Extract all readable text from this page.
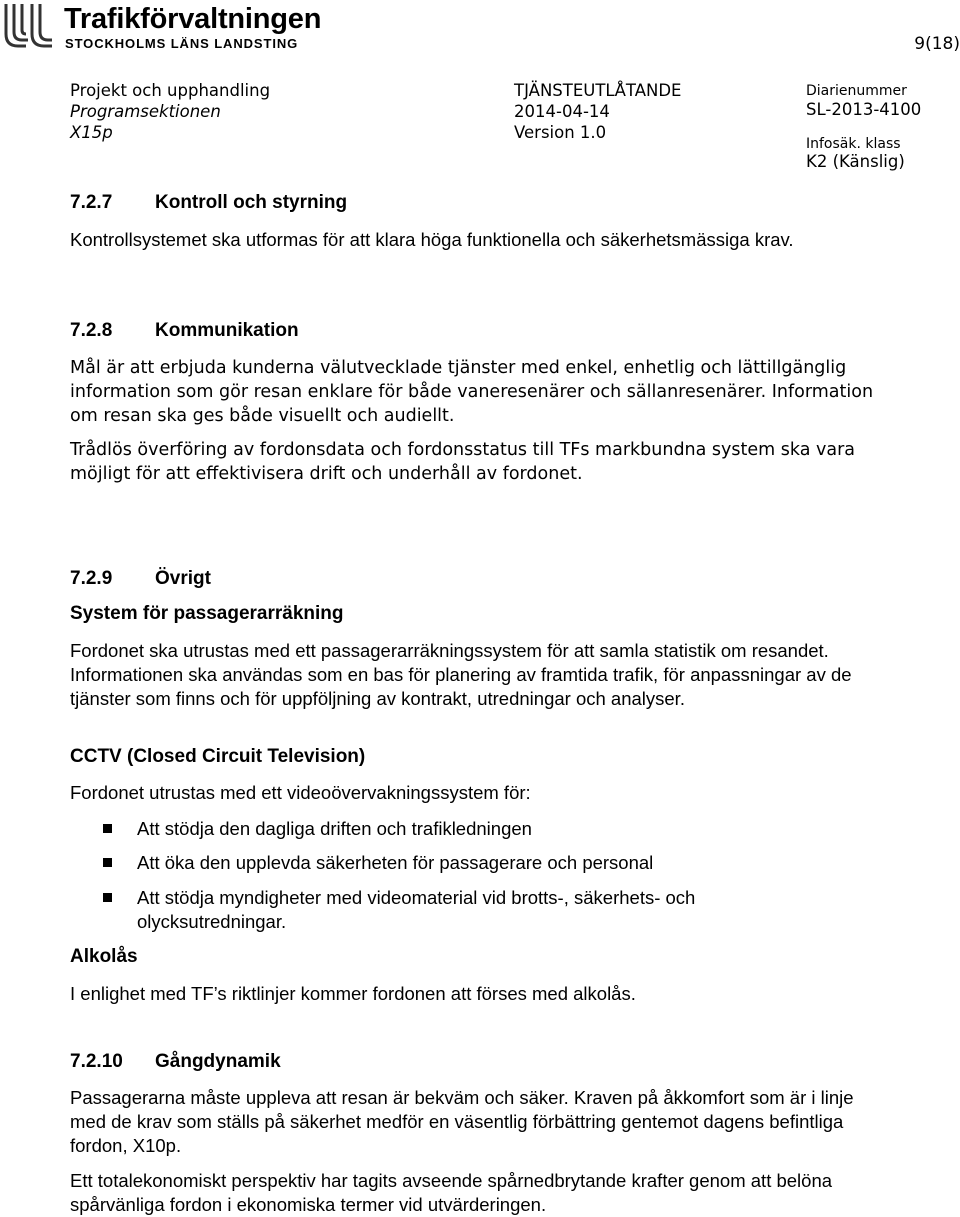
Trafikförvaltningen
STOCKHOLMS LÄNS LANDSTING	9(18)
Projekt och upphandling
Programsektionen
X15p
TJÄNSTEUTLÅTANDE
2014-04-14
Version 1.0
Diarienummer
SL-2013-4100
Infosäk. klass
K2 (Känslig)
7.2.7 Kontroll och styrning
Kontrollsystemet ska utformas för att klara höga funktionella och säkerhetsmässiga krav.
7.2.8 Kommunikation
Mål är att erbjuda kunderna välutvecklade tjänster med enkel, enhetlig och lättillgänglig information som gör resan enklare för både vaneresenärer och sällanresenärer. Information om resan ska ges både visuellt och audiellt.
Trådlös överföring av fordonsdata och fordonsstatus till TFs markbundna system ska vara möjligt för att effektivisera drift och underhåll av fordonet.
7.2.9 Övrigt
System för passagerarräkning
Fordonet ska utrustas med ett passagerarräkningssystem för att samla statistik om resandet. Informationen ska användas som en bas för planering av framtida trafik, för anpassningar av de tjänster som finns och för uppföljning av kontrakt, utredningar och analyser.
CCTV (Closed Circuit Television)
Fordonet utrustas med ett videoövervakningssystem för:
Att stödja den dagliga driften och trafikledningen
Att öka den upplevda säkerheten för passagerare och personal
Att stödja myndigheter med videomaterial vid brotts-, säkerhets- och olycksutredningar.
Alkolås
I enlighet med TF’s riktlinjer kommer fordonen att förses med alkolås.
7.2.10 Gångdynamik
Passagerarna måste uppleva att resan är bekväm och säker. Kraven på åkkomfort som är i linje med de krav som ställs på säkerhet medför en väsentlig förbättring gentemot dagens befintliga fordon, X10p.
Ett totalekonomiskt perspektiv har tagits avseende spårnedbrytande krafter genom att belöna spårvänliga fordon i ekonomiska termer vid utvärderingen.
